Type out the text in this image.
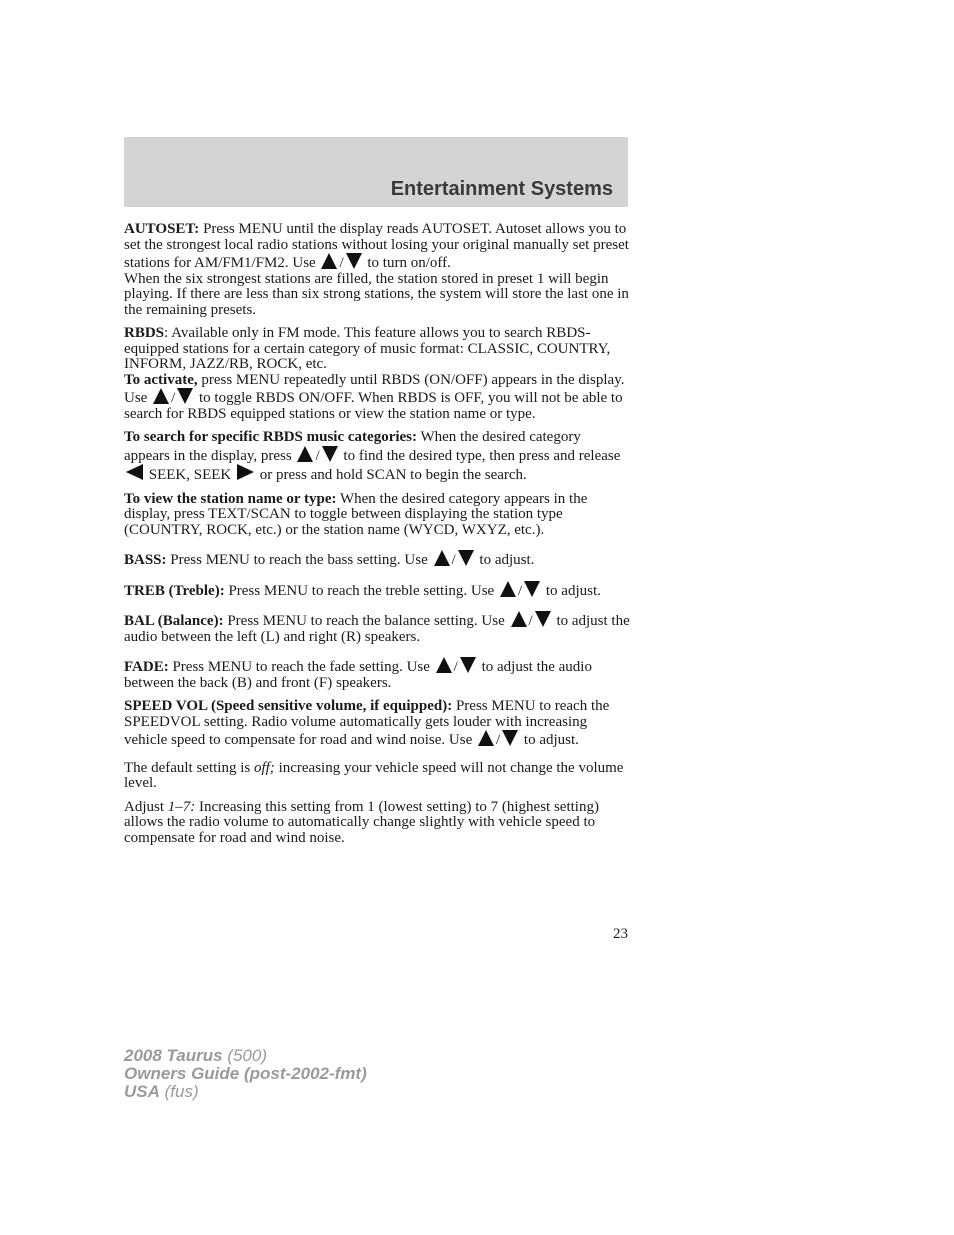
Entertainment Systems

AUTOSET: Press MENU until the display reads AUTOSET. Autoset allows you to set the strongest local radio stations without losing your original manually set preset stations for AM/FM1/FM2. Use / to turn on/off.

When the six strongest stations are filled, the station stored in preset 1 will begin playing. If there are less than six strong stations, the system will store the last one in the remaining presets.

RBDS: Available only in FM mode. This feature allows you to search RBDS-equipped stations for a certain category of music format: CLASSIC, COUNTRY, INFORM, JAZZ/RB, ROCK, etc.

To activate, press MENU repeatedly until RBDS (ON/OFF) appears in the display. Use / to toggle RBDS ON/OFF. When RBDS is OFF, you will not be able to search for RBDS equipped stations or view the station name or type.

To search for specific RBDS music categories: When the desired category appears in the display, press / to find the desired type, then press and release  SEEK, SEEK  or press and hold SCAN to begin the search.

To view the station name or type: When the desired category appears in the display, press TEXT/SCAN to toggle between displaying the station type (COUNTRY, ROCK, etc.) or the station name (WYCD, WXYZ, etc.).

BASS: Press MENU to reach the bass setting. Use / to adjust.

TREB (Treble): Press MENU to reach the treble setting. Use / to adjust.

BAL (Balance): Press MENU to reach the balance setting. Use / to adjust the audio between the left (L) and right (R) speakers.

FADE: Press MENU to reach the fade setting. Use / to adjust the audio between the back (B) and front (F) speakers.

SPEED VOL (Speed sensitive volume, if equipped): Press MENU to reach the SPEEDVOL setting. Radio volume automatically gets louder with increasing vehicle speed to compensate for road and wind noise. Use / to adjust.

The default setting is off; increasing your vehicle speed will not change the volume level.

Adjust 1–7: Increasing this setting from 1 (lowest setting) to 7 (highest setting) allows the radio volume to automatically change slightly with vehicle speed to compensate for road and wind noise.

23
2008 Taurus (500)
Owners Guide (post-2002-fmt)
USA (fus)
